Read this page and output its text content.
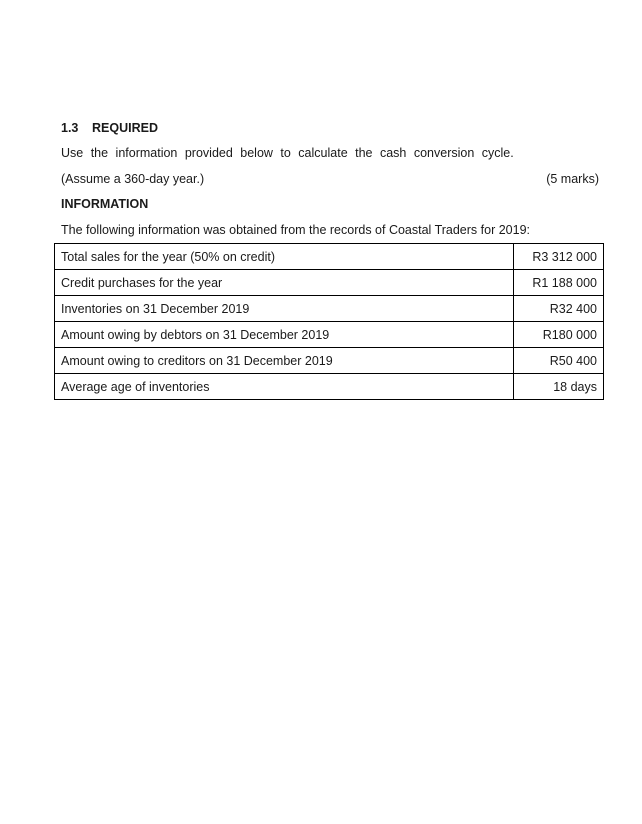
1.3 REQUIRED
Use the information provided below to calculate the cash conversion cycle.
(Assume a 360-day year.)	(5 marks)
INFORMATION
The following information was obtained from the records of Coastal Traders for 2019:
Total sales for the year (50% on credit)	R3 312 000
Credit purchases for the year	R1 188 000
Inventories on 31 December 2019	R32 400
Amount owing by debtors on 31 December 2019	R180 000
Amount owing to creditors on 31 December 2019	R50 400
Average age of inventories	18 days
